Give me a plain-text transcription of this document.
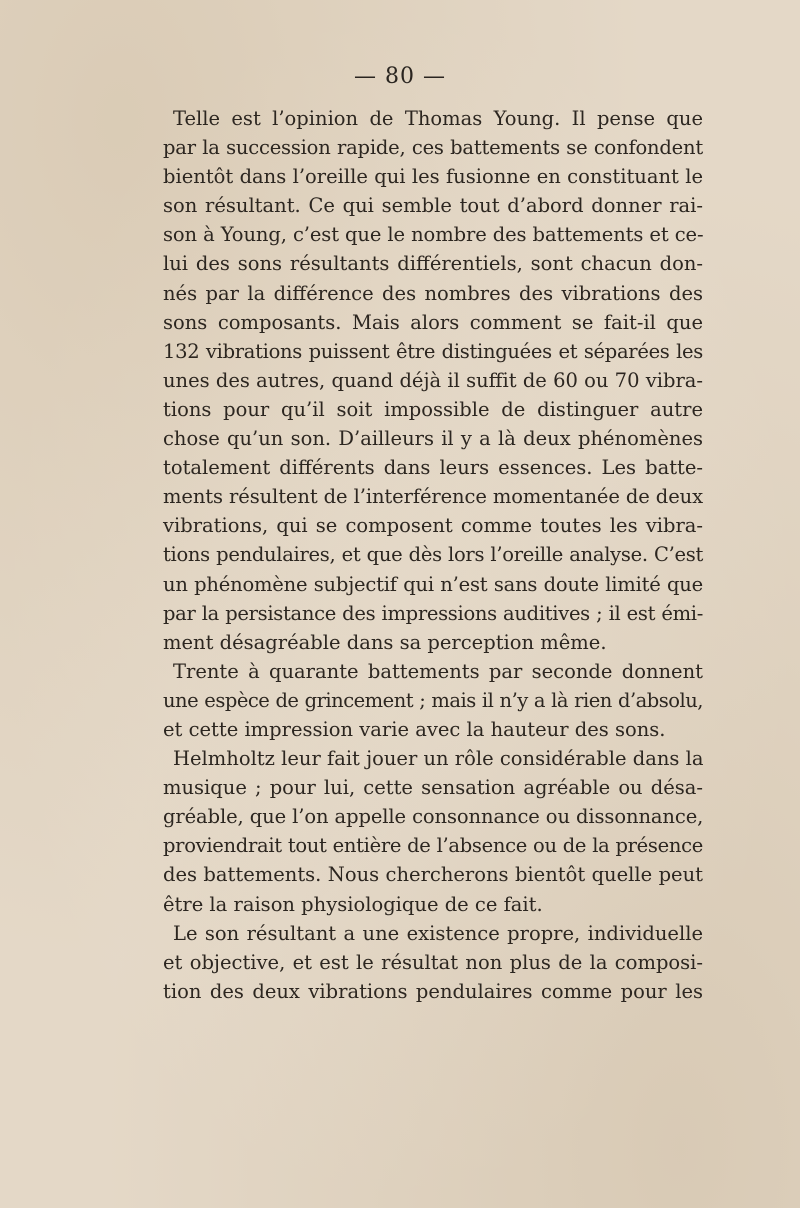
— 80 —
Telle est l’opinion de Thomas Young. Il pense que
par la succession rapide, ces battements se confondent
bientôt dans l’oreille qui les fusionne en constituant le
son résultant. Ce qui semble tout d’abord donner rai-
son à Young, c’est que le nombre des battements et ce-
lui des sons résultants différentiels, sont chacun don-
nés par la différence des nombres des vibrations des
sons composants. Mais alors comment se fait-il que
132 vibrations puissent être distinguées et séparées les
unes des autres, quand déjà il suffit de 60 ou 70 vibra-
tions pour qu’il soit impossible de distinguer autre
chose qu’un son. D’ailleurs il y a là deux phénomènes
totalement différents dans leurs essences. Les batte-
ments résultent de l’interférence momentanée de deux
vibrations, qui se composent comme toutes les vibra-
tions pendulaires, et que dès lors l’oreille analyse. C’est
un phénomène subjectif qui n’est sans doute limité que
par la persistance des impressions auditives ; il est émi-
ment désagréable dans sa perception même.
Trente à quarante battements par seconde donnent
une espèce de grincement ; mais il n’y a là rien d’absolu,
et cette impression varie avec la hauteur des sons.
Helmholtz leur fait jouer un rôle considérable dans la
musique ; pour lui, cette sensation agréable ou désa-
gréable, que l’on appelle consonnance ou dissonnance,
proviendrait tout entière de l’absence ou de la présence
des battements. Nous chercherons bientôt quelle peut
être la raison physiologique de ce fait.
Le son résultant a une existence propre, individuelle
et objective, et est le résultat non plus de la composi-
tion des deux vibrations pendulaires comme pour les
